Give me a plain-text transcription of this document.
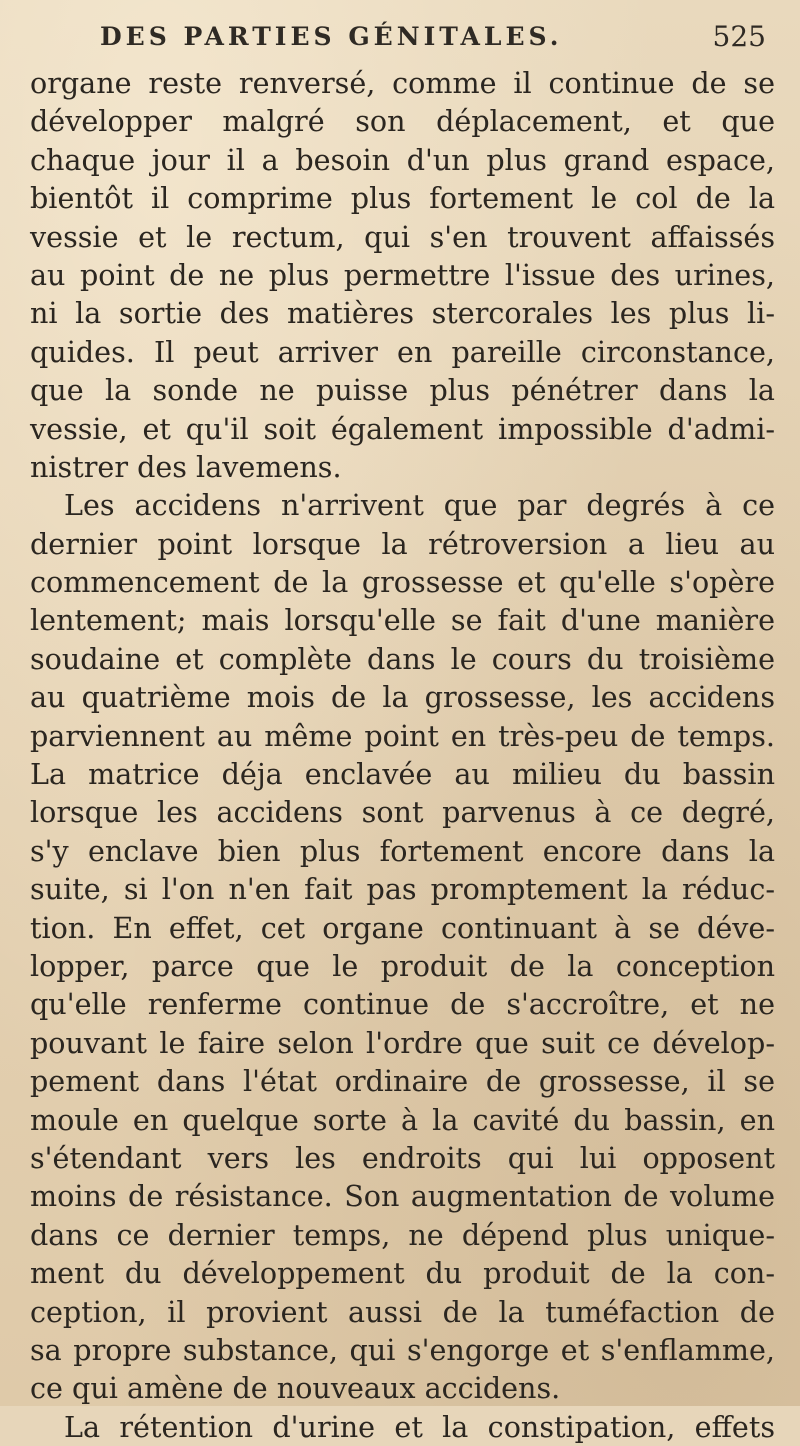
DES PARTIES GÉNITALES.	525
organe reste renversé, comme il continue de se
développer malgré son déplacement, et que
chaque jour il a besoin d'un plus grand espace,
bientôt il comprime plus fortement le col de la
vessie et le rectum, qui s'en trouvent affaissés
au point de ne plus permettre l'issue des urines,
ni la sortie des matières stercorales les plus li-
quides. Il peut arriver en pareille circonstance,
que la sonde ne puisse plus pénétrer dans la
vessie, et qu'il soit également impossible d'admi-
nistrer des lavemens.
Les accidens n'arrivent que par degrés à ce
dernier point lorsque la rétroversion a lieu au
commencement de la grossesse et qu'elle s'opère
lentement; mais lorsqu'elle se fait d'une manière
soudaine et complète dans le cours du troisième
au quatrième mois de la grossesse, les accidens
parviennent au même point en très-peu de temps.
La matrice déja enclavée au milieu du bassin
lorsque les accidens sont parvenus à ce degré,
s'y enclave bien plus fortement encore dans la
suite, si l'on n'en fait pas promptement la réduc-
tion. En effet, cet organe continuant à se déve-
lopper, parce que le produit de la conception
qu'elle renferme continue de s'accroître, et ne
pouvant le faire selon l'ordre que suit ce dévelop-
pement dans l'état ordinaire de grossesse, il se
moule en quelque sorte à la cavité du bassin, en
s'étendant vers les endroits qui lui opposent
moins de résistance. Son augmentation de volume
dans ce dernier temps, ne dépend plus unique-
ment du développement du produit de la con-
ception, il provient aussi de la tuméfaction de
sa propre substance, qui s'engorge et s'enflamme,
ce qui amène de nouveaux accidens.
La rétention d'urine et la constipation, effets
